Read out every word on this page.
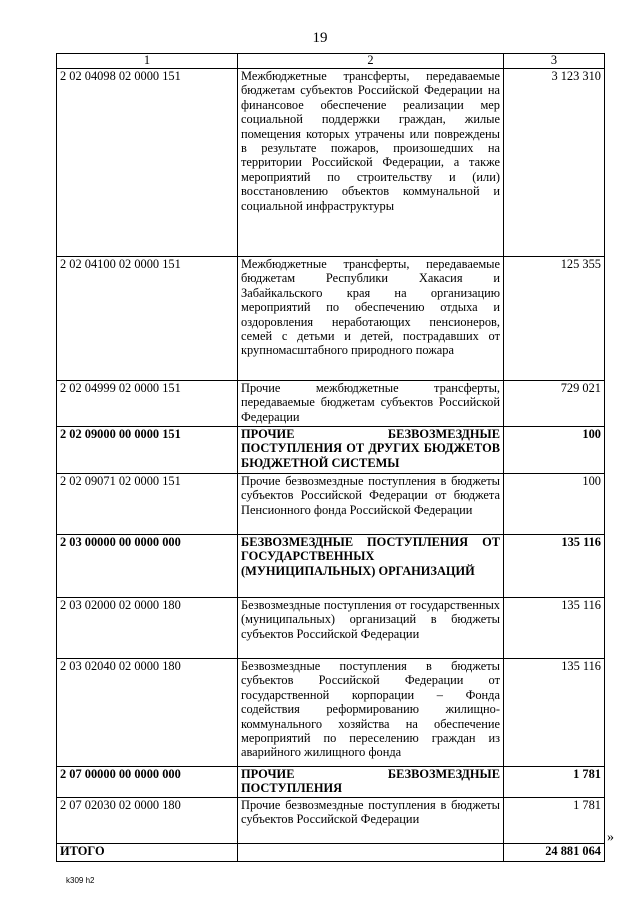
19
1	2	3
2 02 04098 02 0000 151	Межбюджетные трансферты, передаваемые бюджетам субъектов Российской Федерации на финансовое обеспечение реализации мер социальной поддержки граждан, жилые помещения которых утрачены или повреждены в результате пожаров, произошедших на территории Российской Федерации, а также мероприятий по строительству и (или) восстановлению объектов коммунальной и социальной инфраструктуры	3 123 310
2 02 04100 02 0000 151	Межбюджетные трансферты, передаваемые бюджетам Республики Хакасия и Забайкальского края на организацию мероприятий по обеспечению отдыха и оздоровления неработающих пенсионеров, семей с детьми и детей, пострадавших от крупномасштабного природного пожара	125 355
2 02 04999 02 0000 151	Прочие межбюджетные трансферты, передаваемые бюджетам субъектов Российской Федерации	729 021
2 02 09000 00 0000 151	ПРОЧИЕ БЕЗВОЗМЕЗДНЫЕ ПОСТУПЛЕНИЯ ОТ ДРУГИХ БЮДЖЕТОВ БЮДЖЕТНОЙ СИСТЕМЫ	100
2 02 09071 02 0000 151	Прочие безвозмездные поступления в бюджеты субъектов Российской Федерации от бюджета Пенсионного фонда Российской Федерации	100
2 03 00000 00 0000 000	БЕЗВОЗМЕЗДНЫЕ ПОСТУПЛЕНИЯ ОТ ГОСУДАРСТВЕННЫХ (МУНИЦИПАЛЬНЫХ) ОРГАНИЗАЦИЙ	135 116
2 03 02000 02 0000 180	Безвозмездные поступления от государственных (муниципальных) организаций в бюджеты субъектов Российской Федерации	135 116
2 03 02040 02 0000 180	Безвозмездные поступления в бюджеты субъектов Российской Федерации от государственной корпорации – Фонда содействия реформированию жилищно-коммунального хозяйства на обеспечение мероприятий по переселению граждан из аварийного жилищного фонда	135 116
2 07 00000 00 0000 000	ПРОЧИЕ БЕЗВОЗМЕЗДНЫЕ ПОСТУПЛЕНИЯ	1 781
2 07 02030 02 0000 180	Прочие безвозмездные поступления в бюджеты субъектов Российской Федерации	1 781
ИТОГО		24 881 064
»
k309 h2
